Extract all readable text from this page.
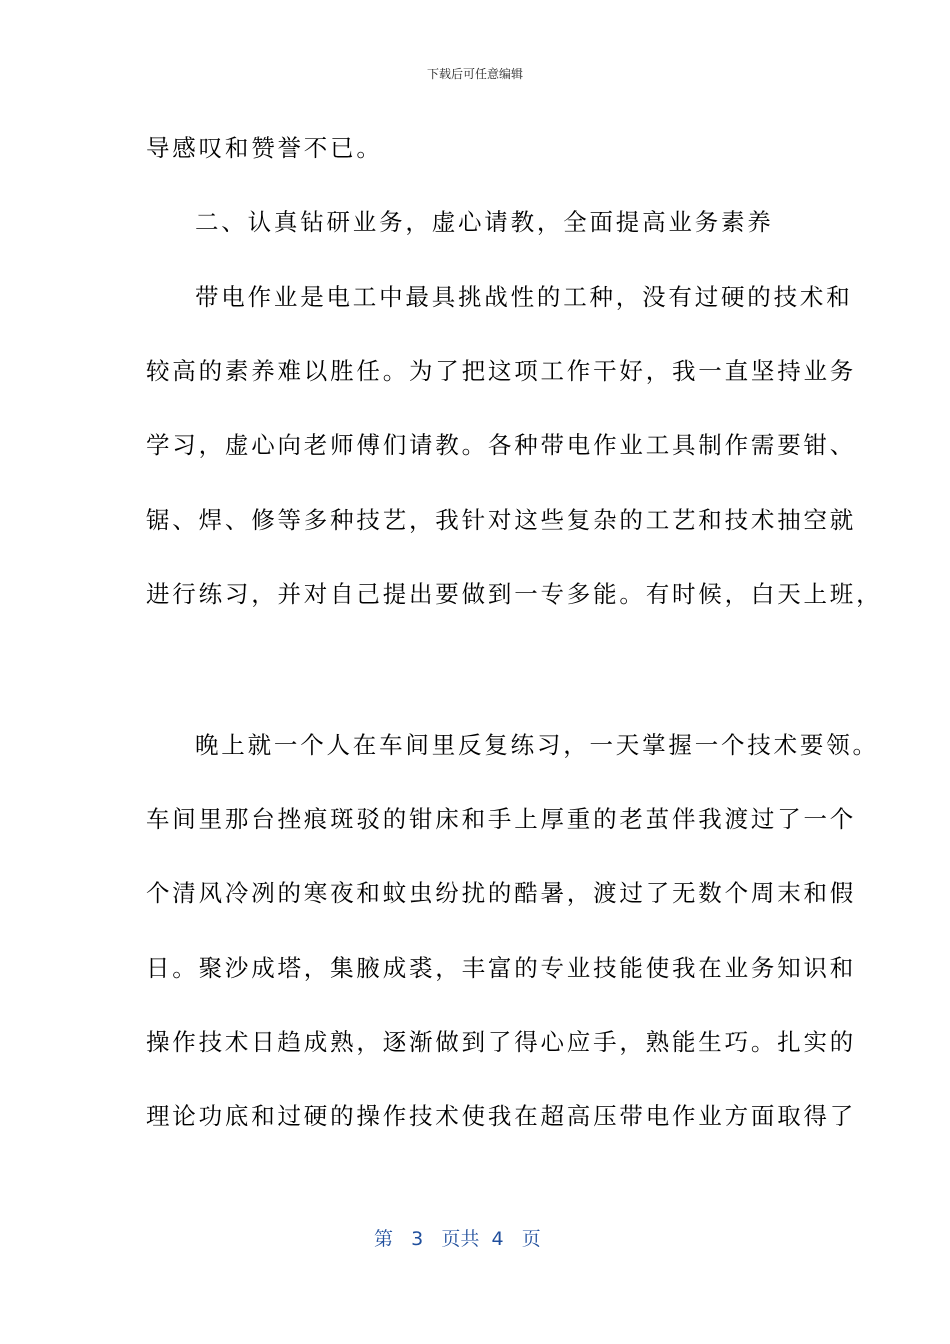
下载后可任意编辑
导感叹和赞誉不已。
二、认真钻研业务，虚心请教，全面提高业务素养
带电作业是电工中最具挑战性的工种，没有过硬的技术和
较高的素养难以胜任。为了把这项工作干好，我一直坚持业务
学习，虚心向老师傅们请教。各种带电作业工具制作需要钳、
锯、焊、修等多种技艺，我针对这些复杂的工艺和技术抽空就
进行练习，并对自己提出要做到一专多能。有时候，白天上班，
晚上就一个人在车间里反复练习，一天掌握一个技术要领。
车间里那台挫痕斑驳的钳床和手上厚重的老茧伴我渡过了一个
个清风冷冽的寒夜和蚊虫纷扰的酷暑，渡过了无数个周末和假
日。聚沙成塔，集腋成裘，丰富的专业技能使我在业务知识和
操作技术日趋成熟，逐渐做到了得心应手，熟能生巧。扎实的
理论功底和过硬的操作技术使我在超高压带电作业方面取得了
第 3 页共 4 页
